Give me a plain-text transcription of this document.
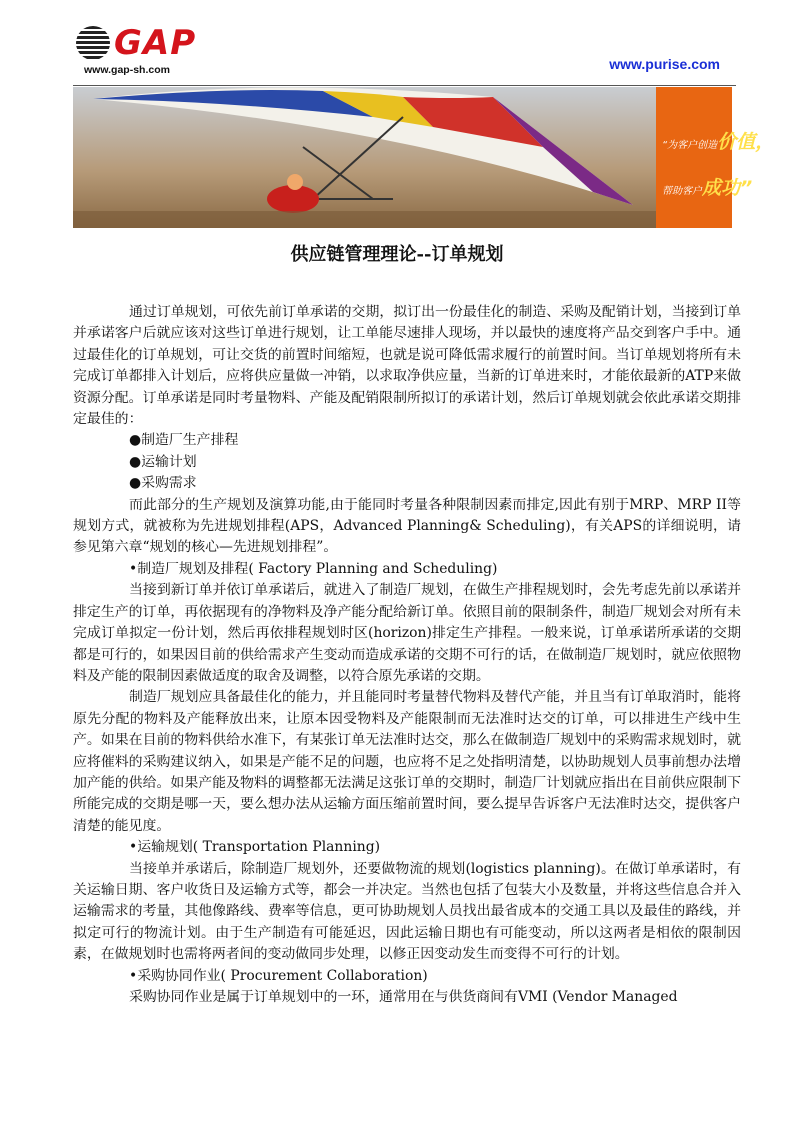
GAP
www.gap-sh.com	www.purise.com
“为客户创造价值，
帮助客户成功”
供应链管理理论--订单规划

通过订单规划，可依先前订单承诺的交期，拟订出一份最佳化的制造、采购及配销计划，当接到订单并承诺客户后就应该对这些订单进行规划，让工单能尽速排人现场，并以最快的速度将产品交到客户手中。通过最佳化的订单规划，可让交货的前置时间缩短，也就是说可降低需求履行的前置时间。当订单规划将所有未完成订单都排入计划后，应将供应量做一冲销，以求取净供应量，当新的订单进来时，才能依最新的ATP来做资源分配。订单承诺是同时考量物料、产能及配销限制所拟订的承诺计划，然后订单规划就会依此承诺交期排定最佳的：

●制造厂生产排程

●运输计划

●采购需求

而此部分的生产规划及演算功能,由于能同时考量各种限制因素而排定,因此有别于MRP、MRP II等规划方式，就被称为先进规划排程(APS，Advanced Planning& Scheduling)，有关APS的详细说明，请参见第六章“规划的核心—先进规划排程”。

•制造厂规划及排程( Factory Planning and Scheduling)

当接到新订单并依订单承诺后，就进入了制造厂规划，在做生产排程规划时，会先考虑先前以承诺并排定生产的订单，再依据现有的净物料及净产能分配给新订单。依照目前的限制条件，制造厂规划会对所有未完成订单拟定一份计划，然后再依排程规划时区(horizon)排定生产排程。一般来说，订单承诺所承诺的交期都是可行的，如果因目前的供给需求产生变动而造成承诺的交期不可行的话，在做制造厂规划时，就应依照物料及产能的限制因素做适度的取舍及调整，以符合原先承诺的交期。

制造厂规划应具备最佳化的能力，并且能同时考量替代物料及替代产能，并且当有订单取消时，能将原先分配的物料及产能释放出来，让原本因受物料及产能限制而无法准时达交的订单，可以排进生产线中生产。如果在目前的物料供给水准下，有某张订单无法准时达交，那么在做制造厂规划中的采购需求规划时，就应将催料的采购建议纳入，如果是产能不足的问题，也应将不足之处指明清楚，以协助规划人员事前想办法增加产能的供给。如果产能及物料的调整都无法满足这张订单的交期时，制造厂计划就应指出在目前供应限制下所能完成的交期是哪一天，要么想办法从运输方面压缩前置时间，要么提早告诉客户无法准时达交，提供客户清楚的能见度。

•运输规划( Transportation Planning)

当接单并承诺后，除制造厂规划外，还要做物流的规划(logistics planning)。在做订单承诺时，有关运输日期、客户收货日及运输方式等，都会一并决定。当然也包括了包装大小及数量，并将这些信息合并入运输需求的考量，其他像路线、费率等信息，更可协助规划人员找出最省成本的交通工具以及最佳的路线，并拟定可行的物流计划。由于生产制造有可能延迟，因此运输日期也有可能变动，所以这两者是相依的限制因素，在做规划时也需将两者间的变动做同步处理，以修正因变动发生而变得不可行的计划。

•采购协同作业( Procurement Collaboration)

采购协同作业是属于订单规划中的一环，通常用在与供货商间有VMI (Vendor Managed
